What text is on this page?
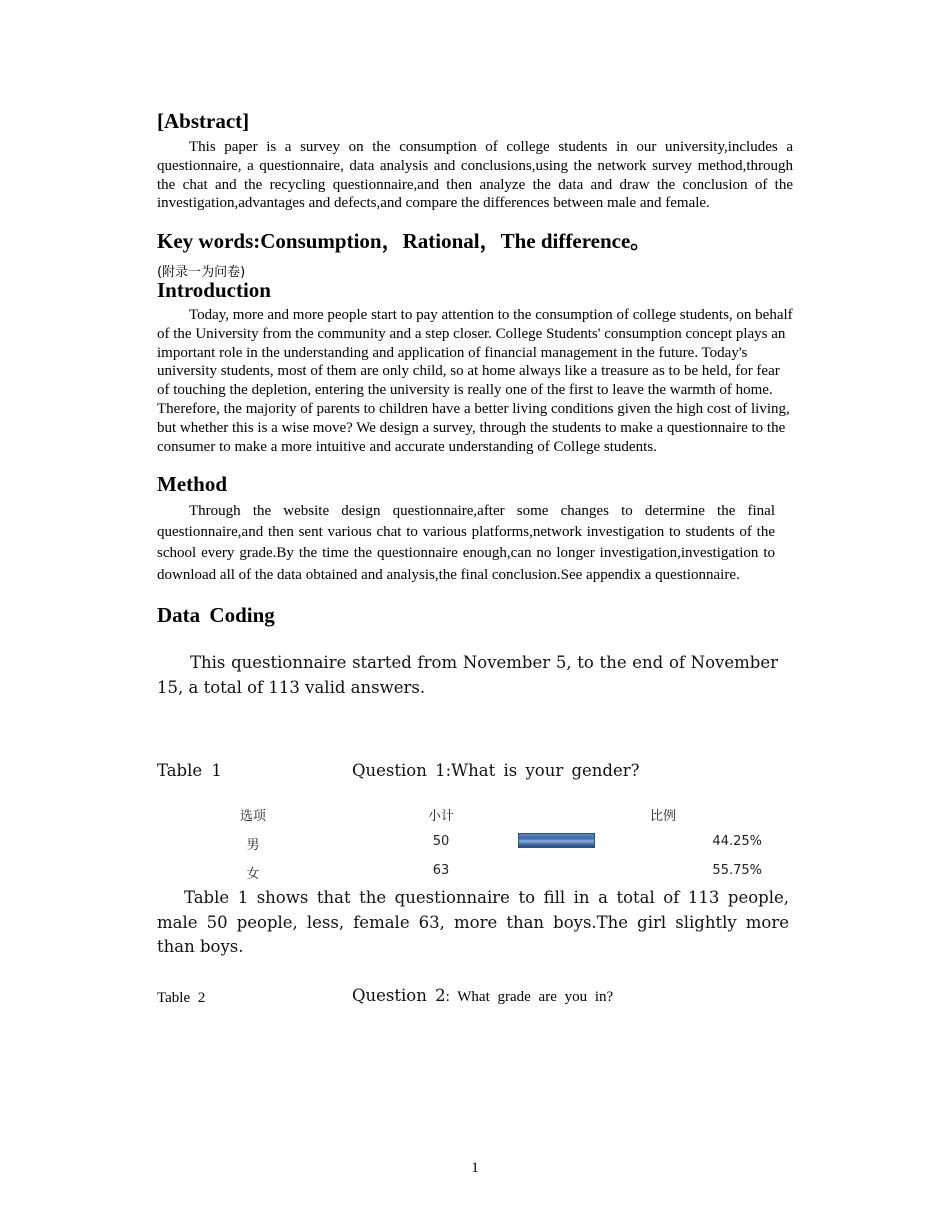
[Abstract]

This paper is a survey on the consumption of college students in our university,includes a questionnaire, a questionnaire, data analysis and conclusions,using the network survey method,through the chat and the recycling questionnaire,and then analyze the data and draw the conclusion of the investigation,advantages and defects,and compare the differences between male and female.

Key words:Consumption，Rational，The difference。
(附录一为问卷)
Introduction

Today, more and more people start to pay attention to the consumption of college students, on behalf of the University from the community and a step closer. College Students' consumption concept plays an important role in the understanding and application of financial management in the future. Today's university students, most of them are only child, so at home always like a treasure as to be held, for fear of touching the depletion, entering the university is really one of the first to leave the warmth of home. Therefore, the majority of parents to children have a better living conditions given the high cost of living, but whether this is a wise move? We design a survey, through the students to make a questionnaire to the consumer to make a more intuitive and accurate understanding of College students.

Method

Through the website design questionnaire,after some changes to determine the final questionnaire,and then sent various chat to various platforms,network investigation to students of the school every grade.By the time the questionnaire enough,can no longer investigation,investigation to download all of the data obtained and analysis,the final conclusion.See appendix a questionnaire.

Data Coding

This questionnaire started from November 5, to the end of November 15, a total of 113 valid answers.

Table 1	Question 1:What is your gender?
选项	小计	比例
男	50	44.25%
女	63	55.75%

Table 1 shows that the questionnaire to fill in a total of 113 people, male 50 people, less, female 63, more than boys.The girl slightly more than boys.

Table 2	Question 2: What grade are you in?
1
